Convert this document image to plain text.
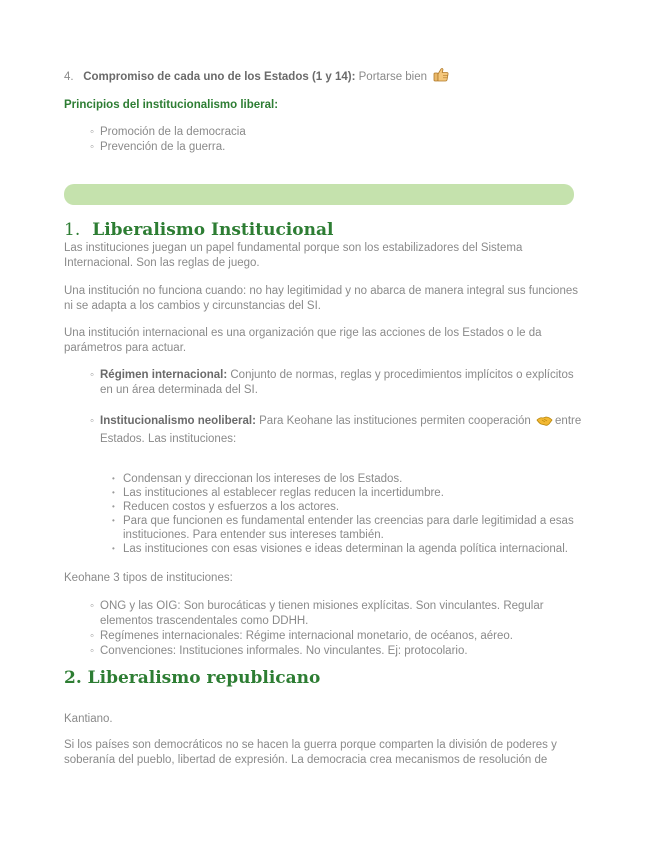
4. Compromiso de cada uno de los Estados (1 y 14): Portarse bien

Principios del institucionalismo liberal:

◦ Promoción de la democracia
◦ Prevención de la guerra.
1. Liberalismo Institucional

Las instituciones juegan un papel fundamental porque son los estabilizadores del Sistema Internacional. Son las reglas de juego.

Una institución no funciona cuando: no hay legitimidad y no abarca de manera integral sus funciones ni se adapta a los cambios y circunstancias del SI.

Una institución internacional es una organización que rige las acciones de los Estados o le da parámetros para actuar.

◦ Régimen internacional: Conjunto de normas, reglas y procedimientos implícitos o explícitos en un área determinada del SI.
◦ Institucionalismo neoliberal: Para Keohane las instituciones permiten cooperación entre Estados. Las instituciones:
• Condensan y direccionan los intereses de los Estados.
• Las instituciones al establecer reglas reducen la incertidumbre.
• Reducen costos y esfuerzos a los actores.
• Para que funcionen es fundamental entender las creencias para darle legitimidad a esas instituciones. Para entender sus intereses también.
• Las instituciones con esas visiones e ideas determinan la agenda política internacional.

Keohane 3 tipos de instituciones:

◦ ONG y las OIG: Son burocáticas y tienen misiones explícitas. Son vinculantes. Regular elementos trascendentales como DDHH.
◦ Regímenes internacionales: Régime internacional monetario, de océanos, aéreo.
◦ Convenciones: Instituciones informales. No vinculantes. Ej: protocolario.
2. Liberalismo republicano

Kantiano.

Si los países son democráticos no se hacen la guerra porque comparten la división de poderes y soberanía del pueblo, libertad de expresión. La democracia crea mecanismos de resolución de
